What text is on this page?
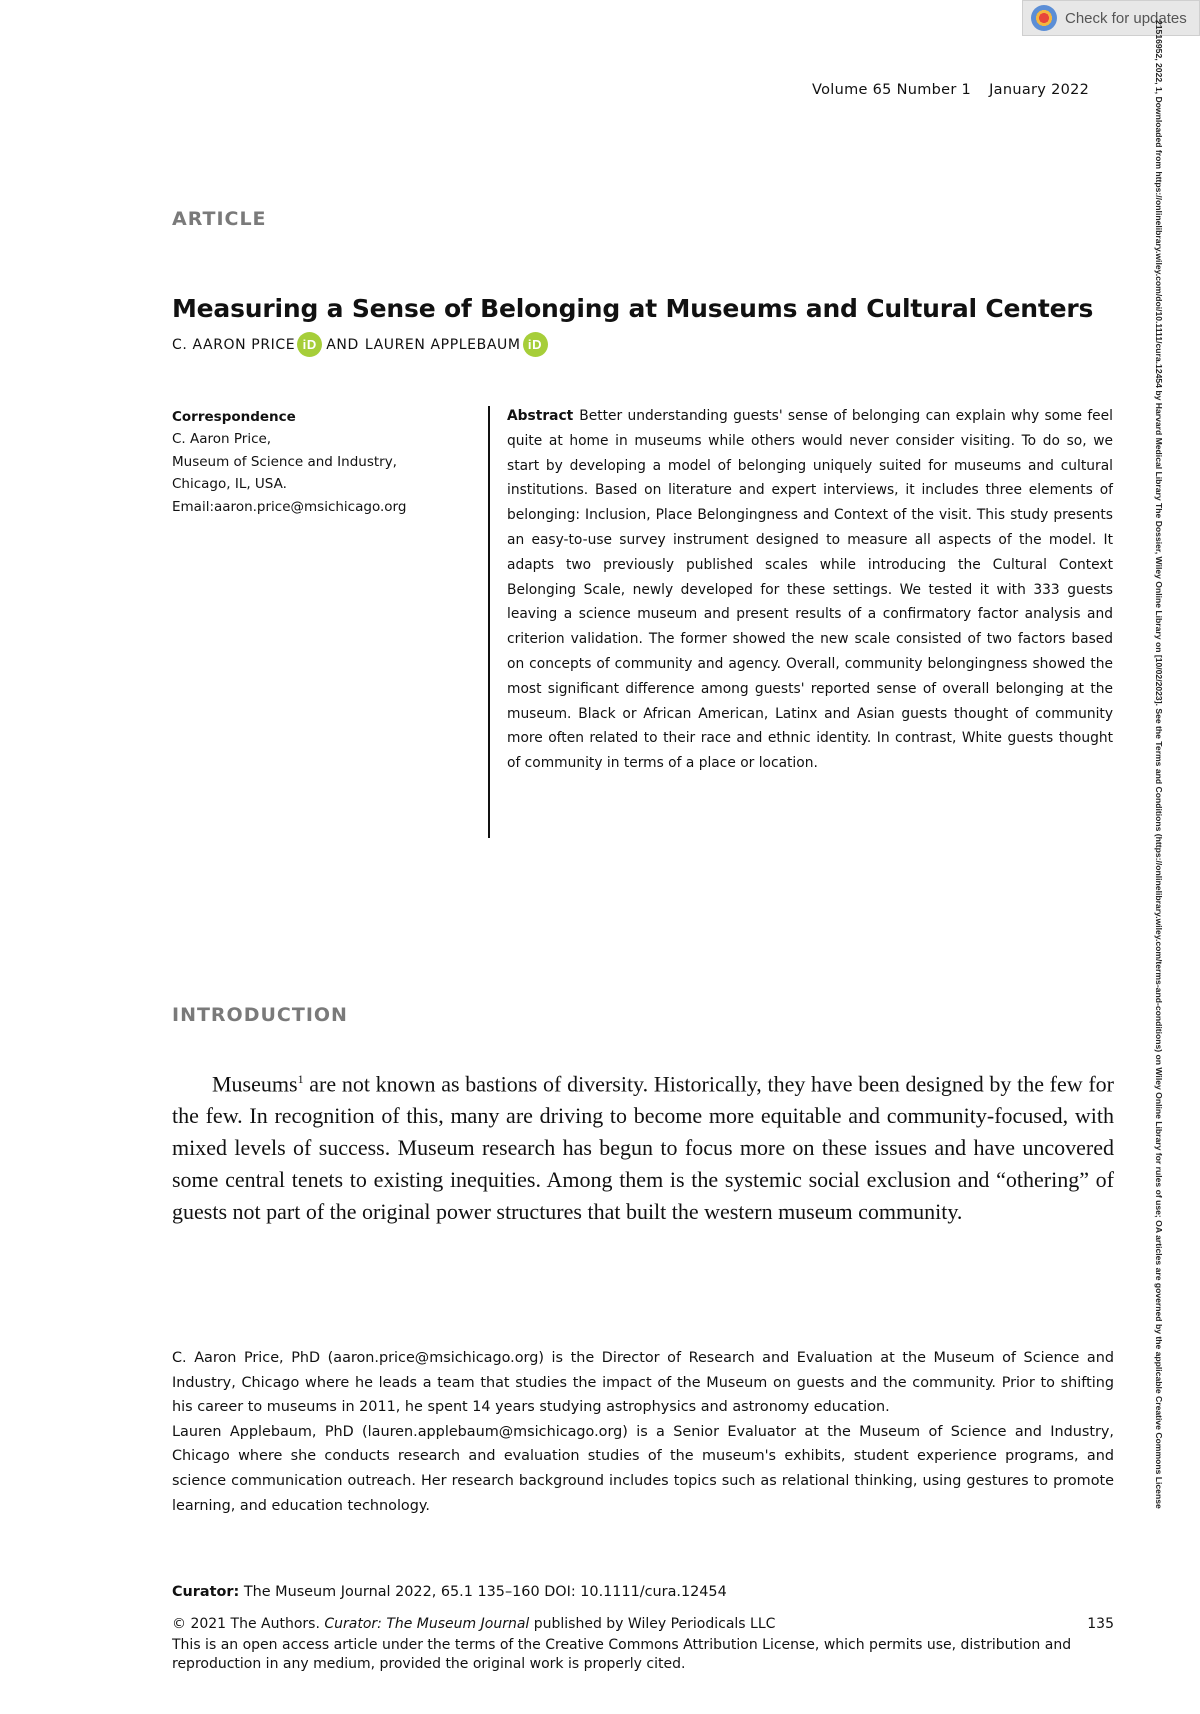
Check for updates
21516952, 2022, 1, Downloaded from https://onlinelibrary.wiley.com/doi/10.1111/cura.12454 by Harvard Medical Library The Dossier, Wiley Online Library on [10/02/2023]. See the Terms and Conditions (https://onlinelibrary.wiley.com/terms-and-conditions) on Wiley Online Library for rules of use; OA articles are governed by the applicable Creative Commons License
Volume 65 Number 1 January 2022
ARTICLE
Measuring a Sense of Belonging at Museums and Cultural Centers
C. AARON PRICE iD AND LAUREN APPLEBAUM iD
Correspondence
C. Aaron Price,
Museum of Science and Industry,
Chicago, IL, USA.
Email:aaron.price@msichicago.org
Abstract Better understanding guests' sense of belonging can explain why some feel quite at home in museums while others would never consider visiting. To do so, we start by developing a model of belonging uniquely suited for museums and cultural institutions. Based on literature and expert interviews, it includes three elements of belonging: Inclusion, Place Belongingness and Context of the visit. This study presents an easy-to-use survey instrument designed to measure all aspects of the model. It adapts two previously published scales while introducing the Cultural Context Belonging Scale, newly developed for these settings. We tested it with 333 guests leaving a science museum and present results of a confirmatory factor analysis and criterion validation. The former showed the new scale consisted of two factors based on concepts of community and agency. Overall, community belongingness showed the most significant difference among guests' reported sense of overall belonging at the museum. Black or African American, Latinx and Asian guests thought of community more often related to their race and ethnic identity. In contrast, White guests thought of community in terms of a place or location.
INTRODUCTION
Museums$^1$ are not known as bastions of diversity. Historically, they have been designed by the few for the few. In recognition of this, many are driving to become more equitable and community-focused, with mixed levels of success. Museum research has begun to focus more on these issues and have uncovered some central tenets to existing inequities. Among them is the systemic social exclusion and “othering” of guests not part of the original power structures that built the western museum community.

C. Aaron Price, PhD (aaron.price@msichicago.org) is the Director of Research and Evaluation at the Museum of Science and Industry, Chicago where he leads a team that studies the impact of the Museum on guests and the community. Prior to shifting his career to museums in 2011, he spent 14 years studying astrophysics and astronomy education.

Lauren Applebaum, PhD (lauren.applebaum@msichicago.org) is a Senior Evaluator at the Museum of Science and Industry, Chicago where she conducts research and evaluation studies of the museum's exhibits, student experience programs, and science communication outreach. Her research background includes topics such as relational thinking, using gestures to promote learning, and education technology.

Curator: The Museum Journal 2022, 65.1 135–160 DOI: 10.1111/cura.12454
© 2021 The Authors. Curator: The Museum Journal published by Wiley Periodicals LLC	135
This is an open access article under the terms of the Creative Commons Attribution License, which permits use, distribution and reproduction in any medium, provided the original work is properly cited.
